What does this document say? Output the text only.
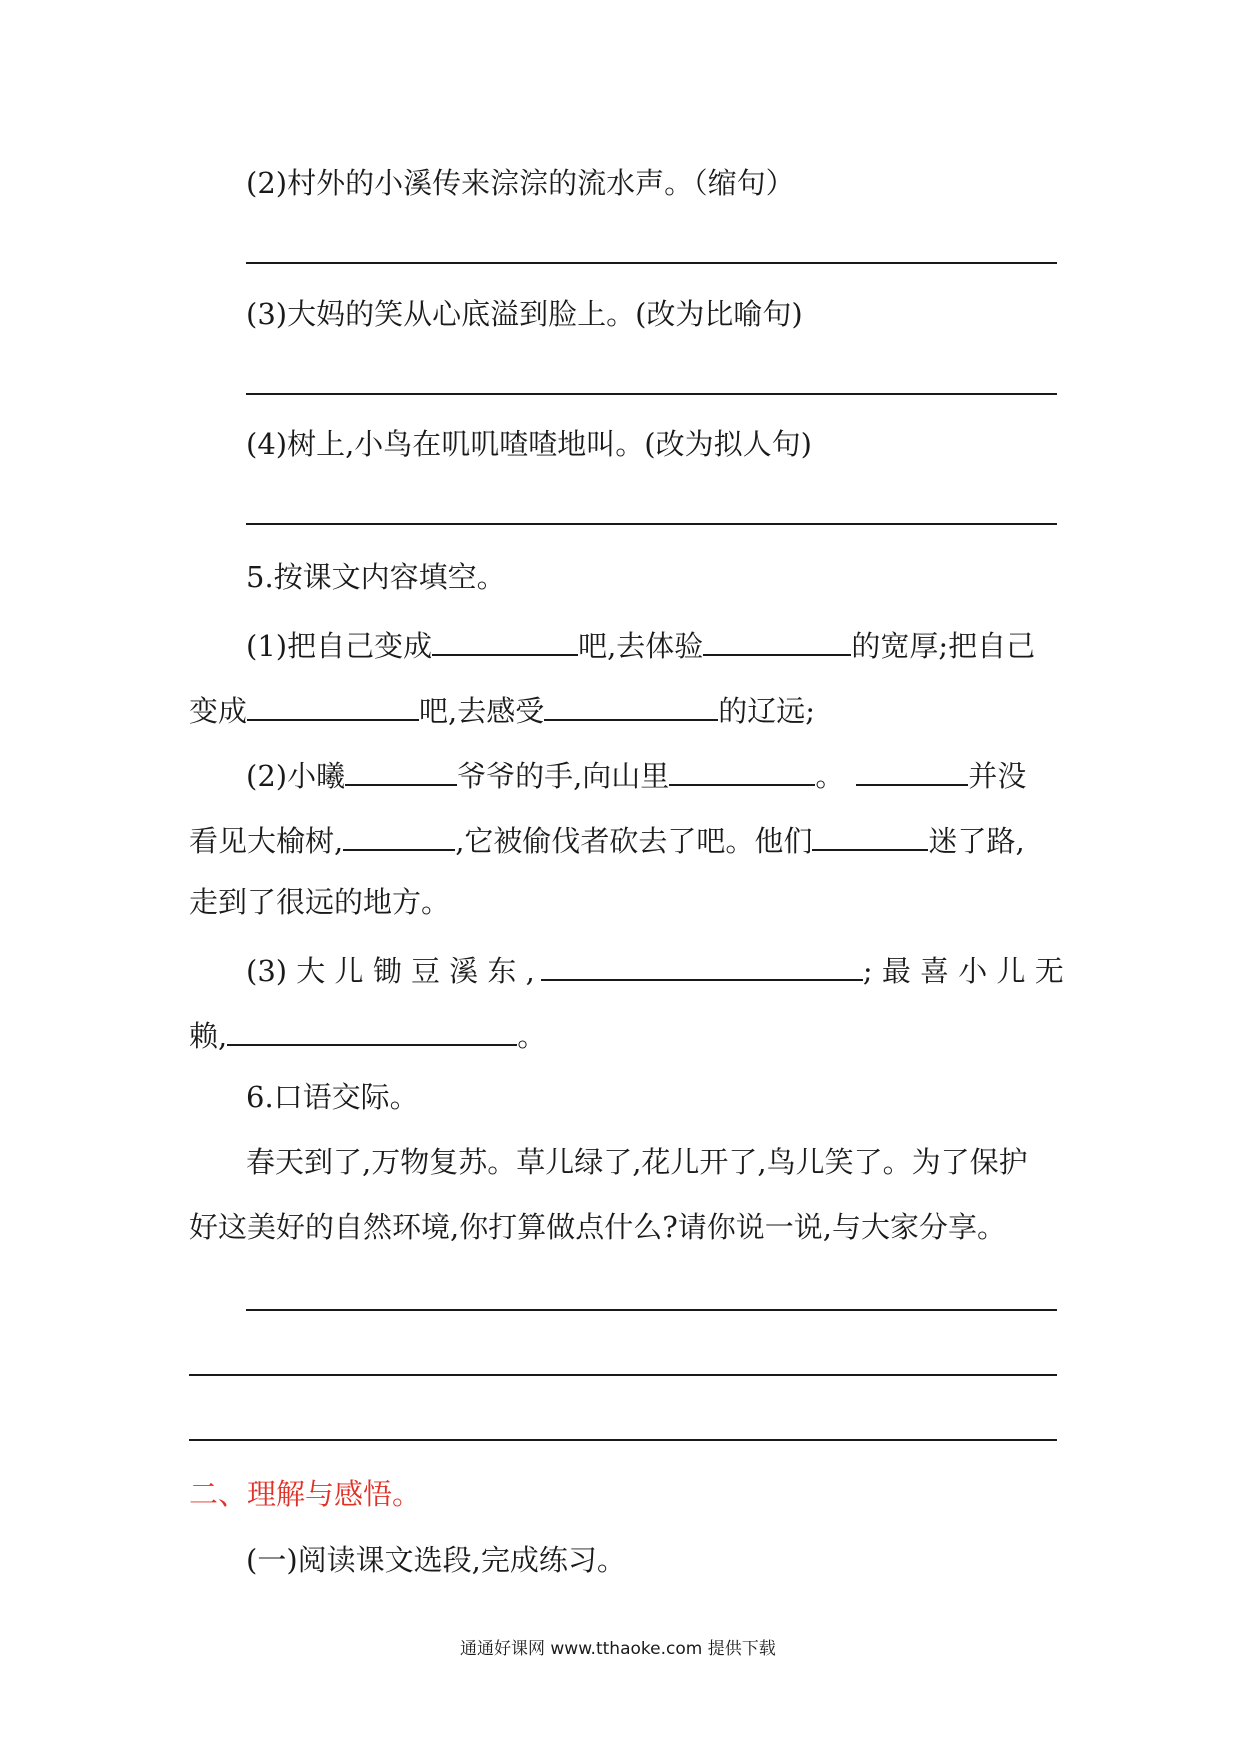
(2)村外的小溪传来淙淙的流水声。（缩句）
(3)大妈的笑从心底溢到脸上。(改为比喻句)
(4)树上,小鸟在叽叽喳喳地叫。(改为拟人句)
5.按课文内容填空。
(1)把自己变成	吧,去体验	的宽厚;把自己
变成	吧,去感受	的辽远;
(2)小曦	爷爷的手,向山里	。	并没
看见大榆树,	,它被偷伐者砍去了吧。他们	迷了路,
走到了很远的地方。
(3) 大 儿 锄 豆 溪 东 ,	; 最 喜 小 儿 无
赖,	。
6.口语交际。
春天到了,万物复苏。草儿绿了,花儿开了,鸟儿笑了。为了保护
好这美好的自然环境,你打算做点什么?请你说一说,与大家分享。
二、理解与感悟。
(一)阅读课文选段,完成练习。
通通好课网 www.tthaoke.com 提供下载
